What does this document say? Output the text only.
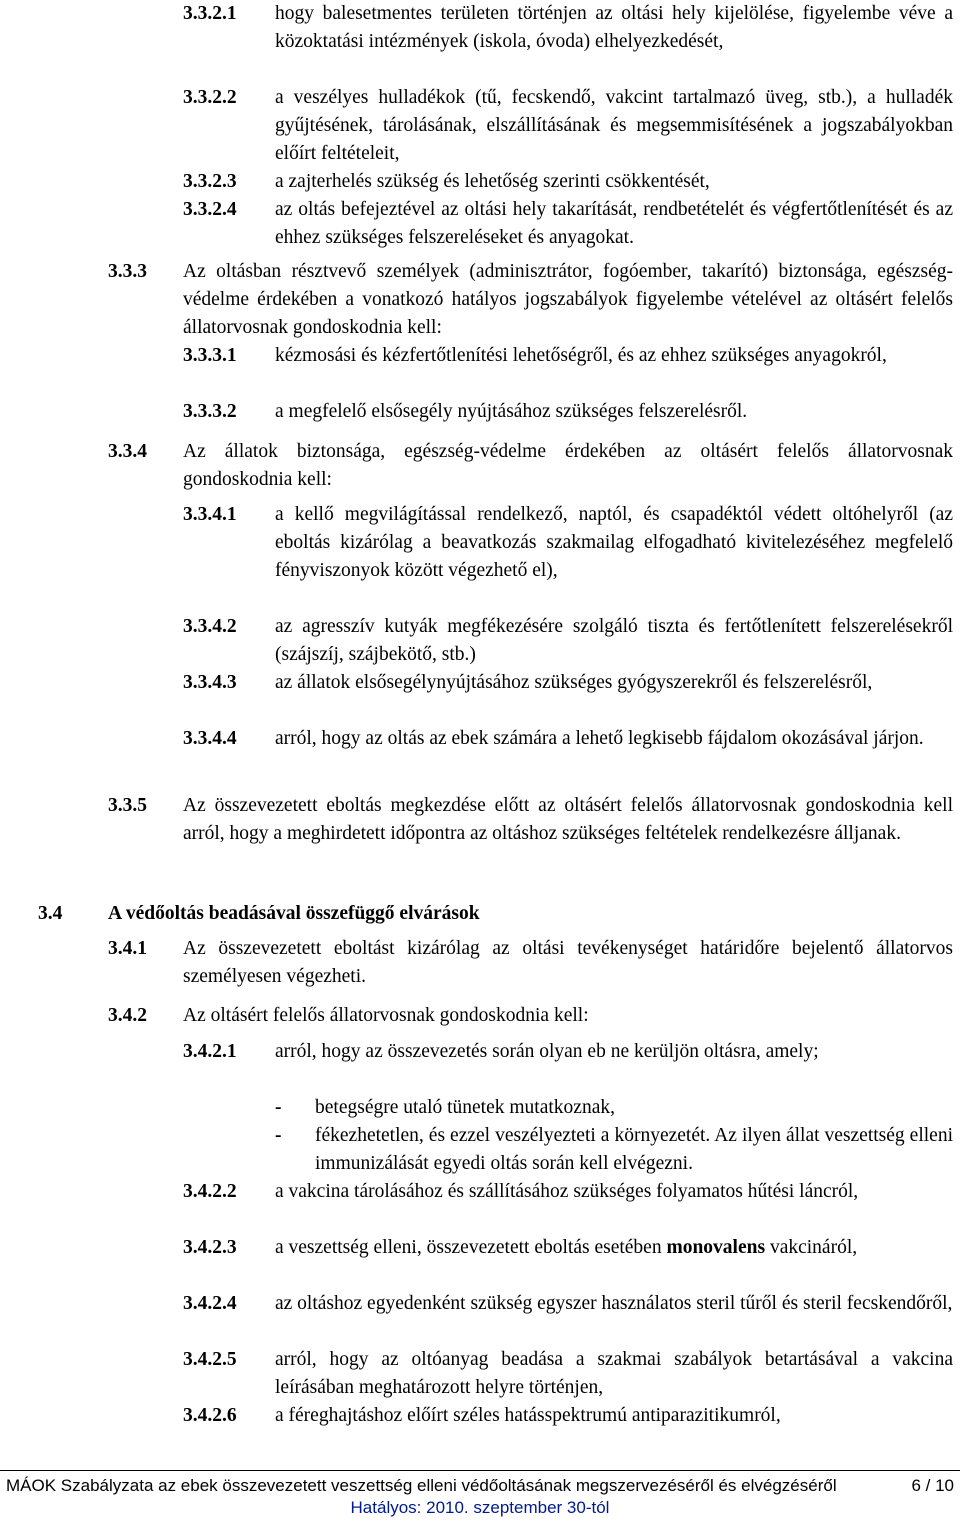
3.3.2.1	hogy balesetmentes területen történjen az oltási hely kijelölése, figyelembe véve a közoktatási intézmények (iskola, óvoda) elhelyezkedését,
3.3.2.2	a veszélyes hulladékok (tű, fecskendő, vakcint tartalmazó üveg, stb.), a hulladék gyűjtésének, tárolásának, elszállításának és megsemmisítésének a jogszabályokban előírt feltételeit,
3.3.2.3	a zajterhelés szükség és lehetőség szerinti csökkentését,
3.3.2.4	az oltás befejeztével az oltási hely takarítását, rendbetételét és végfertőtlenítését és az ehhez szükséges felszereléseket és anyagokat.
3.3.3	Az oltásban résztvevő személyek (adminisztrátor, fogóember, takarító) biztonsága, egészség-védelme érdekében a vonatkozó hatályos jogszabályok figyelembe vételével az oltásért felelős állatorvosnak gondoskodnia kell:
3.3.3.1	kézmosási és kézfertőtlenítési lehetőségről, és az ehhez szükséges anyagokról,
3.3.3.2	a megfelelő elsősegély nyújtásához szükséges felszerelésről.
3.3.4	Az állatok biztonsága, egészség-védelme érdekében az oltásért felelős állatorvosnak gondoskodnia kell:
3.3.4.1	a kellő megvilágítással rendelkező, naptól, és csapadéktól védett oltóhelyről (az eboltás kizárólag a beavatkozás szakmailag elfogadható kivitelezéséhez megfelelő fényviszonyok között végezhető el),
3.3.4.2	az agresszív kutyák megfékezésére szolgáló tiszta és fertőtlenített felszerelésekről (szájszíj, szájbekötő, stb.)
3.3.4.3	az állatok elsősegélynyújtásához szükséges gyógyszerekről és felszerelésről,
3.3.4.4	arról, hogy az oltás az ebek számára a lehető legkisebb fájdalom okozásával járjon.
3.3.5	Az összevezetett eboltás megkezdése előtt az oltásért felelős állatorvosnak gondoskodnia kell arról, hogy a meghirdetett időpontra az oltáshoz szükséges feltételek rendelkezésre álljanak.
3.4	A védőoltás beadásával összefüggő elvárások
3.4.1	Az összevezetett eboltást kizárólag az oltási tevékenységet határidőre bejelentő állatorvos személyesen végezheti.
3.4.2	Az oltásért felelős állatorvosnak gondoskodnia kell:
3.4.2.1	arról, hogy az összevezetés során olyan eb ne kerüljön oltásra, amely;
-	betegségre utaló tünetek mutatkoznak,
-	fékezhetetlen, és ezzel veszélyezteti a környezetét. Az ilyen állat veszettség elleni immunizálását egyedi oltás során kell elvégezni.
3.4.2.2	a vakcina tárolásához és szállításához szükséges folyamatos hűtési láncról,
3.4.2.3	a veszettség elleni, összevezetett eboltás esetében monovalens vakcináról,
3.4.2.4	az oltáshoz egyedenként szükség egyszer használatos steril tűről és steril fecskendőről,
3.4.2.5	arról, hogy az oltóanyag beadása a szakmai szabályok betartásával a vakcina leírásában meghatározott helyre történjen,
3.4.2.6	a féreghajtáshoz előírt széles hatásspektrumú antiparazitikumról,
MÁOK Szabályzata az ebek összevezetett veszettség elleni védőoltásának megszervezéséről és elvégzéséről	6 / 10
Hatályos: 2010. szeptember 30-tól
